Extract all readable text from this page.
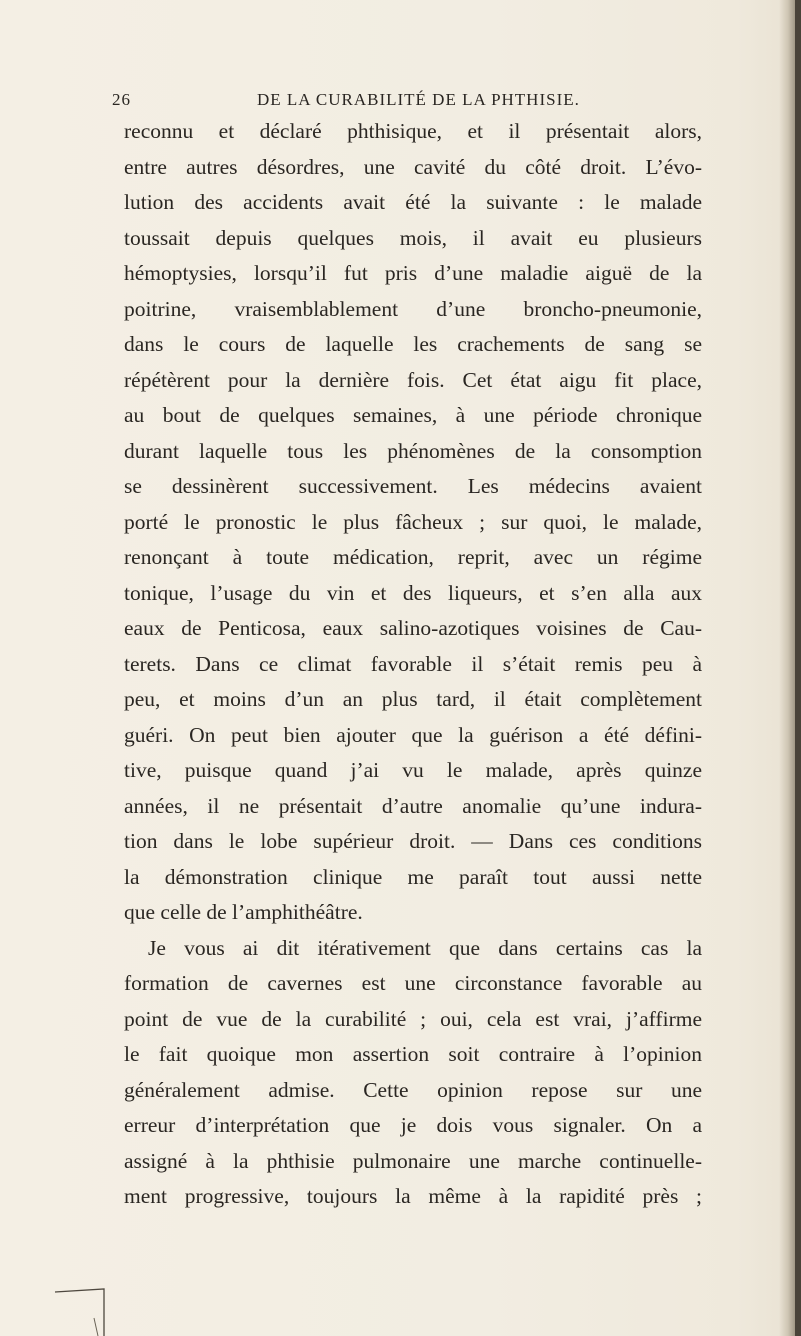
26	DE LA CURABILITÉ DE LA PHTHISIE.
reconnu et déclaré phthisique, et il présentait alors,
entre autres désordres, une cavité du côté droit. L’évo-
lution des accidents avait été la suivante : le malade
toussait depuis quelques mois, il avait eu plusieurs
hémoptysies, lorsqu’il fut pris d’une maladie aiguë de la
poitrine, vraisemblablement d’une broncho-pneumonie,
dans le cours de laquelle les crachements de sang se
répétèrent pour la dernière fois. Cet état aigu fit place,
au bout de quelques semaines, à une période chronique
durant laquelle tous les phénomènes de la consomption
se dessinèrent successivement. Les médecins avaient
porté le pronostic le plus fâcheux ; sur quoi, le malade,
renonçant à toute médication, reprit, avec un régime
tonique, l’usage du vin et des liqueurs, et s’en alla aux
eaux de Penticosa, eaux salino-azotiques voisines de Cau-
terets. Dans ce climat favorable il s’était remis peu à
peu, et moins d’un an plus tard, il était complètement
guéri. On peut bien ajouter que la guérison a été défini-
tive, puisque quand j’ai vu le malade, après quinze
années, il ne présentait d’autre anomalie qu’une indura-
tion dans le lobe supérieur droit. — Dans ces conditions
la démonstration clinique me paraît tout aussi nette
que celle de l’amphithéâtre.
Je vous ai dit itérativement que dans certains cas la
formation de cavernes est une circonstance favorable au
point de vue de la curabilité ; oui, cela est vrai, j’affirme
le fait quoique mon assertion soit contraire à l’opinion
généralement admise. Cette opinion repose sur une
erreur d’interprétation que je dois vous signaler. On a
assigné à la phthisie pulmonaire une marche continuelle-
ment progressive, toujours la même à la rapidité près ;
